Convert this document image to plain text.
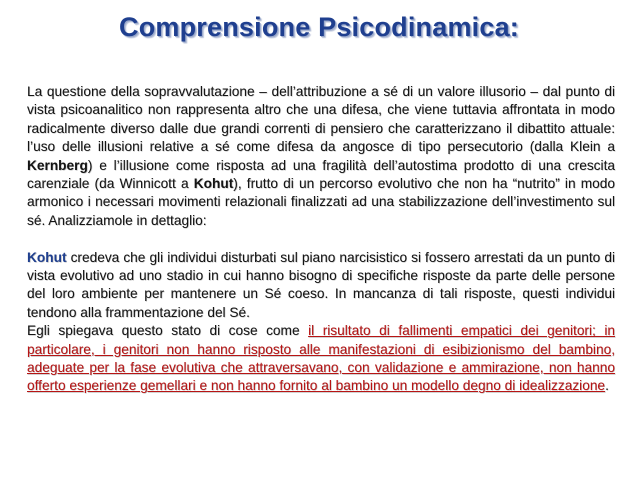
Comprensione Psicodinamica:

La questione della sopravvalutazione – dell’attribuzione a sé di un valore illusorio – dal punto di vista psicoanalitico non rappresenta altro che una difesa, che viene tuttavia affrontata in modo radicalmente diverso dalle due grandi correnti di pensiero che caratterizzano il dibattito attuale: l’uso delle illusioni relative a sé come difesa da angosce di tipo persecutorio (dalla Klein a Kernberg) e l’illusione come risposta ad una fragilità dell’autostima prodotto di una crescita carenziale (da Winnicott a Kohut), frutto di un percorso evolutivo che non ha “nutrito” in modo armonico i necessari movimenti relazionali finalizzati ad una stabilizzazione dell’investimento sul sé. Analizziamole in dettaglio:

Kohut credeva che gli individui disturbati sul piano narcisistico si fossero arrestati da un punto di vista evolutivo ad uno stadio in cui hanno bisogno di specifiche risposte da parte delle persone del loro ambiente per mantenere un Sé coeso. In mancanza di tali risposte, questi individui tendono alla frammentazione del Sé.

Egli spiegava questo stato di cose come il risultato di fallimenti empatici dei genitori; in particolare, i genitori non hanno risposto alle manifestazioni di esibizionismo del bambino, adeguate per la fase evolutiva che attraversavano, con validazione e ammirazione, non hanno offerto esperienze gemellari e non hanno fornito al bambino un modello degno di idealizzazione.
